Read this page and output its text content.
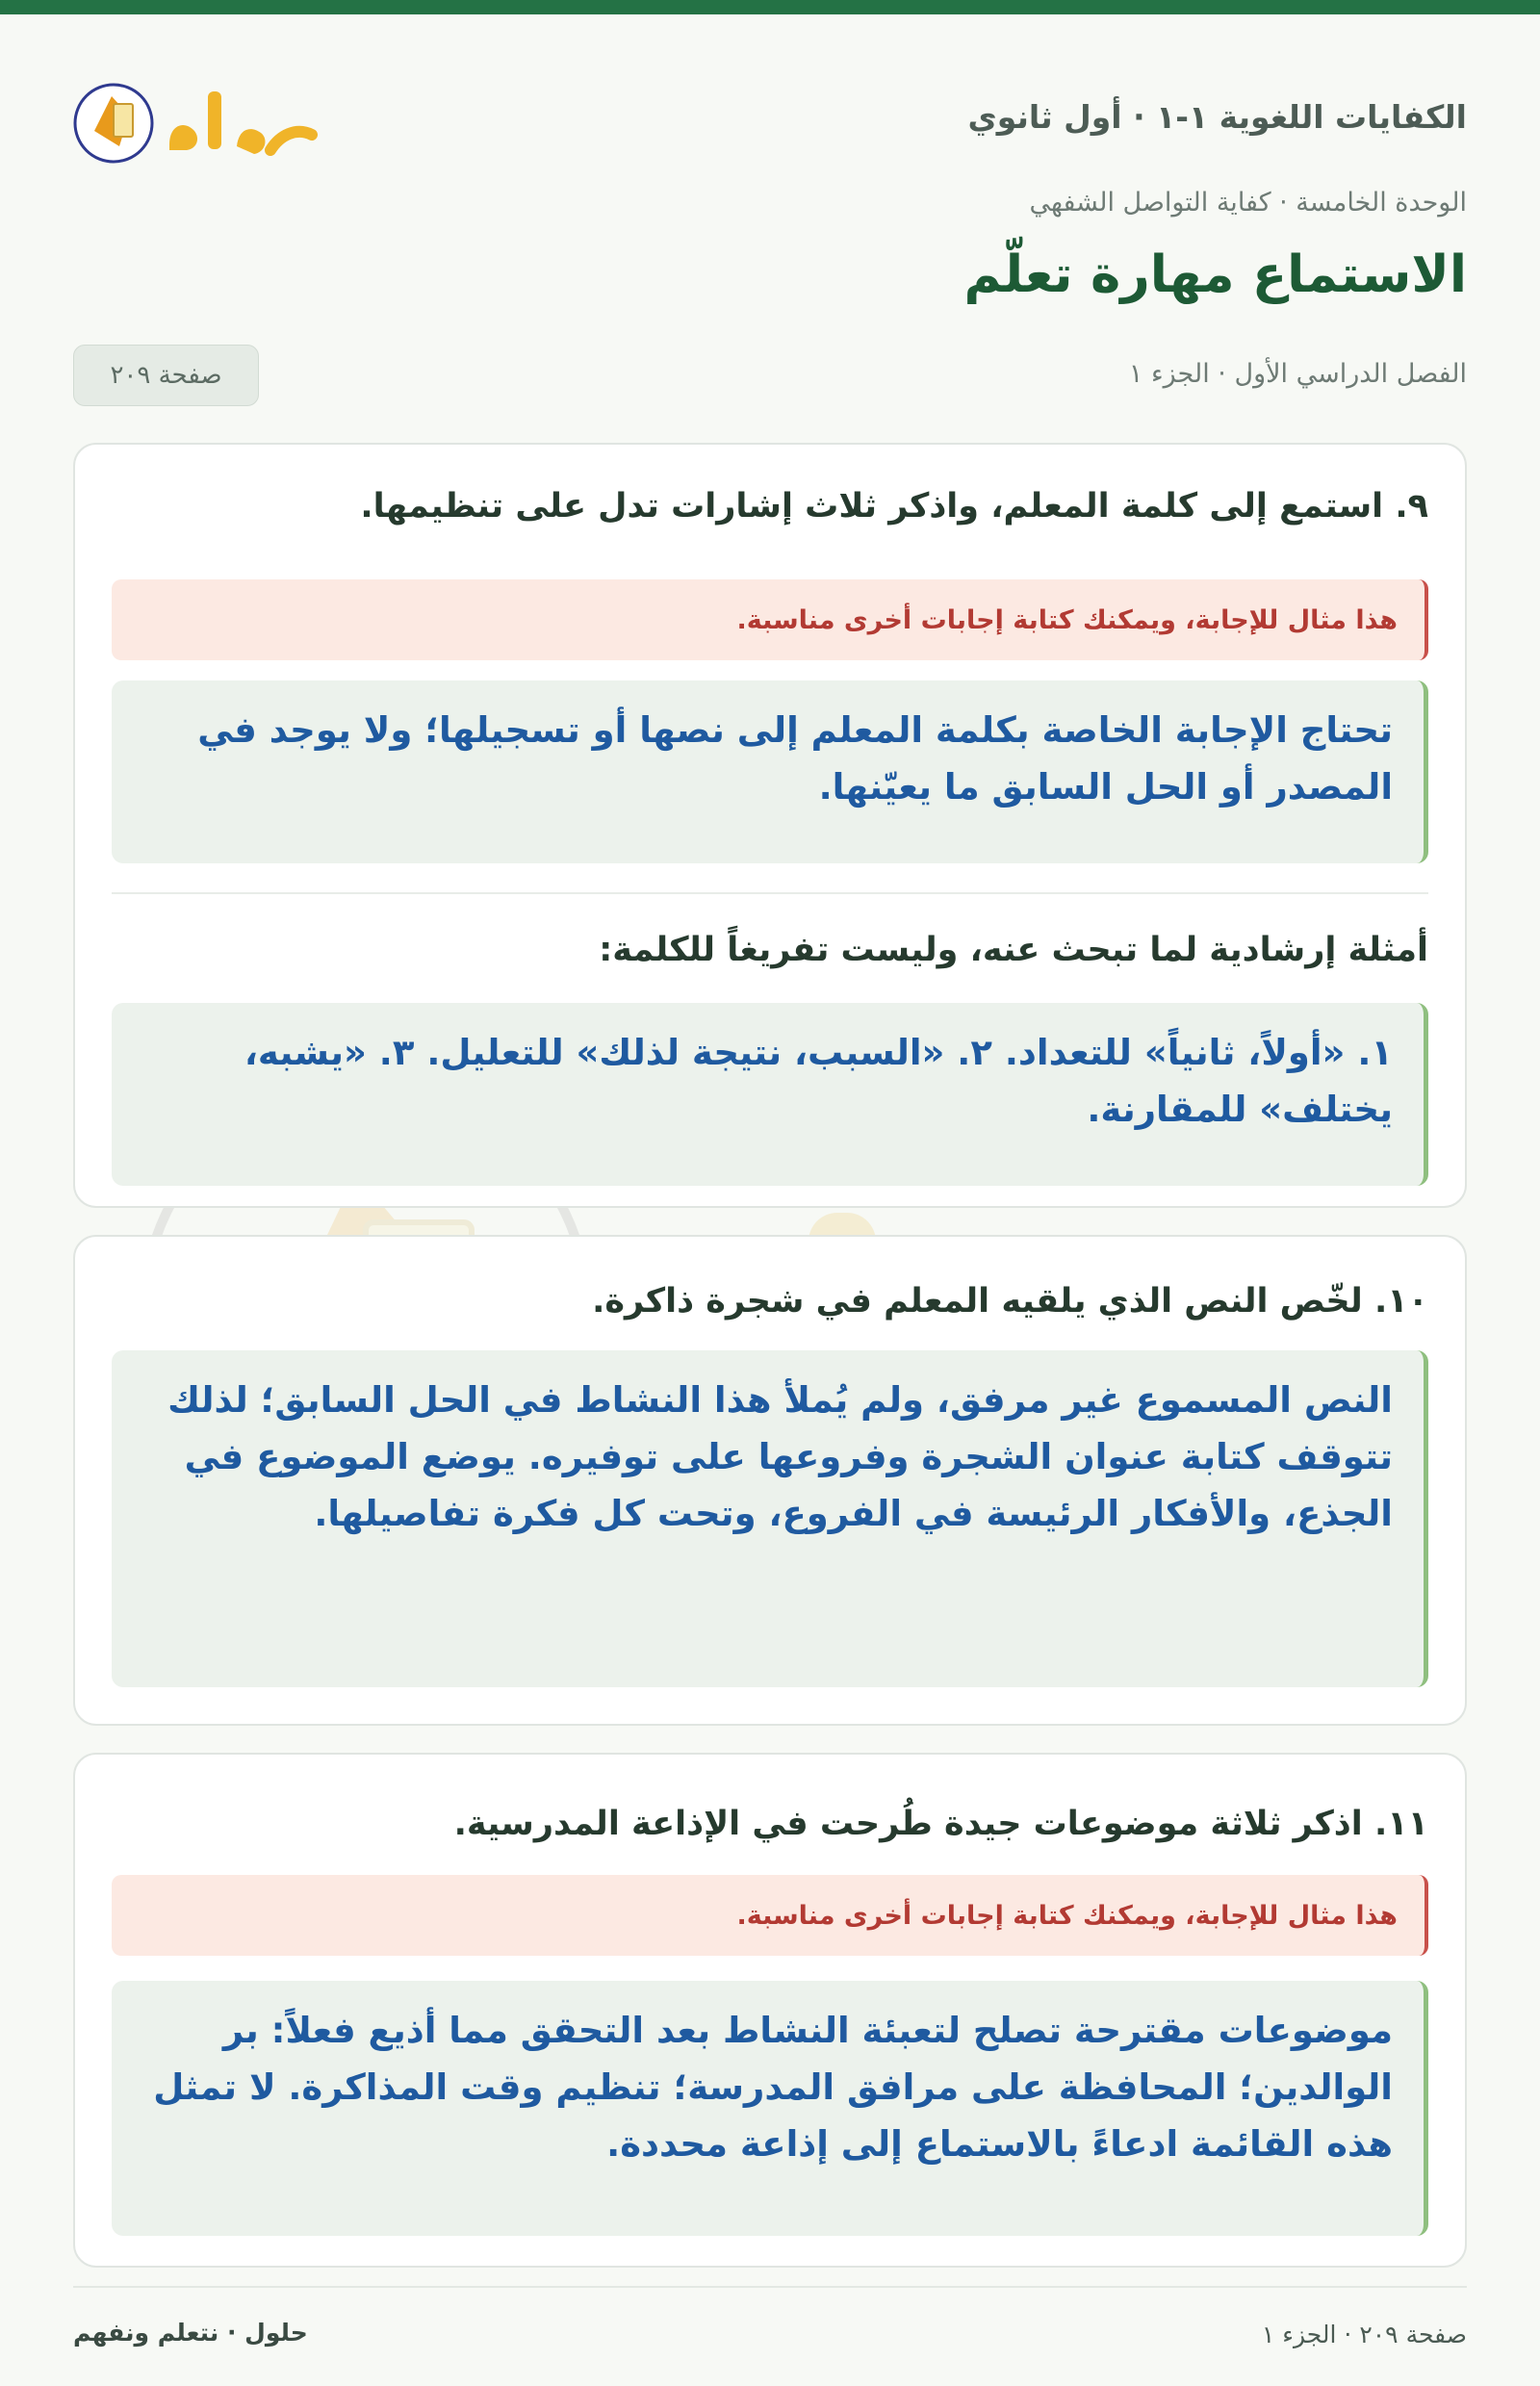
الكفايات اللغوية ١-١ · أول ثانوي
الوحدة الخامسة · كفاية التواصل الشفهي
الاستماع مهارة تعلّم
الفصل الدراسي الأول · الجزء ١
صفحة ٢٠٩
٩. استمع إلى كلمة المعلم، واذكر ثلاث إشارات تدل على تنظيمها.
هذا مثال للإجابة، ويمكنك كتابة إجابات أخرى مناسبة.
تحتاج الإجابة الخاصة بكلمة المعلم إلى نصها أو تسجيلها؛ ولا يوجد في المصدر أو الحل السابق ما يعيّنها.
أمثلة إرشادية لما تبحث عنه، وليست تفريغاً للكلمة:
١. «أولاً، ثانياً» للتعداد. ٢. «السبب، نتيجة لذلك» للتعليل. ٣. «يشبه، يختلف» للمقارنة.
١٠. لخّص النص الذي يلقيه المعلم في شجرة ذاكرة.
النص المسموع غير مرفق، ولم يُملأ هذا النشاط في الحل السابق؛ لذلك تتوقف كتابة عنوان الشجرة وفروعها على توفيره. يوضع الموضوع في الجذع، والأفكار الرئيسة في الفروع، وتحت كل فكرة تفاصيلها.
١١. اذكر ثلاثة موضوعات جيدة طُرحت في الإذاعة المدرسية.
هذا مثال للإجابة، ويمكنك كتابة إجابات أخرى مناسبة.
موضوعات مقترحة تصلح لتعبئة النشاط بعد التحقق مما أذيع فعلاً: بر الوالدين؛ المحافظة على مرافق المدرسة؛ تنظيم وقت المذاكرة. لا تمثل هذه القائمة ادعاءً بالاستماع إلى إذاعة محددة.
صفحة ٢٠٩ · الجزء ١
حلول · نتعلم ونفهم
